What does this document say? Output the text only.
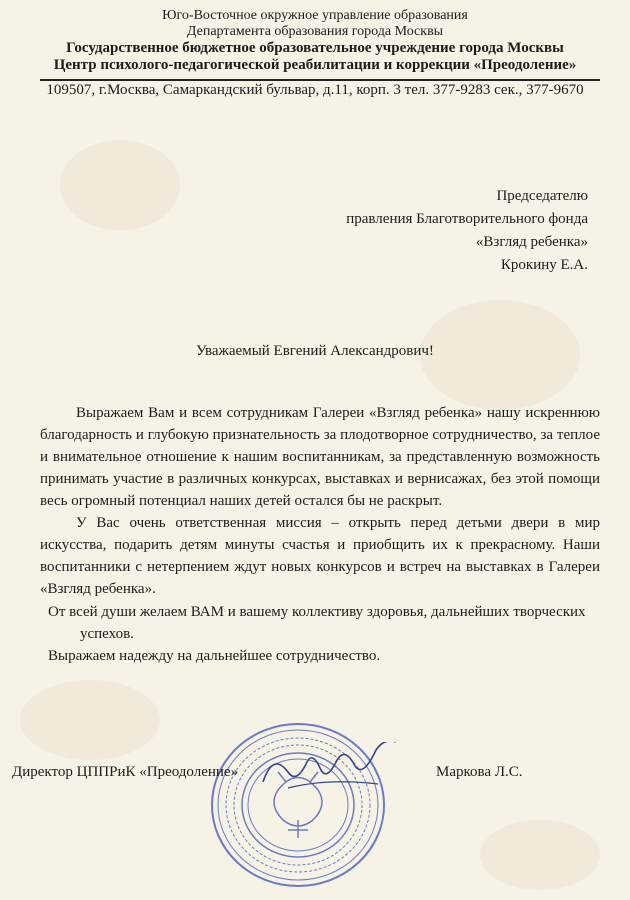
Юго-Восточное окружное управление образования
Департамента образования города Москвы
Государственное бюджетное образовательное учреждение города Москвы
Центр психолого-педагогической реабилитации и коррекции «Преодоление»
109507, г.Москва, Самаркандский бульвар, д.11, корп. 3 тел. 377-9283 сек., 377-9670
Председателю
правления Благотворительного фонда
«Взгляд ребенка»
Крокину Е.А.
Уважаемый Евгений Александрович!

Выражаем Вам и всем сотрудникам Галереи «Взгляд ребенка» нашу искреннюю благодарность и глубокую признательность за плодотворное сотрудничество, за теплое и внимательное отношение к нашим воспитанникам, за представленную возможность принимать участие в различных конкурсах, выставках и вернисажах, без этой помощи весь огромный потенциал наших детей остался бы не раскрыт.

У Вас очень ответственная миссия – открыть перед детьми двери в мир искусства, подарить детям минуты счастья и приобщить их к прекрасному. Наши воспитанники с нетерпением ждут новых конкурсов и встреч на выставках в Галереи «Взгляд ребенка».

От всей души желаем ВАМ и вашему коллективу здоровья, дальнейших творческих
успехов.
Выражаем надежду на дальнейшее сотрудничество.
Директор ЦППРиК «Преодоление»	Маркова Л.С.
